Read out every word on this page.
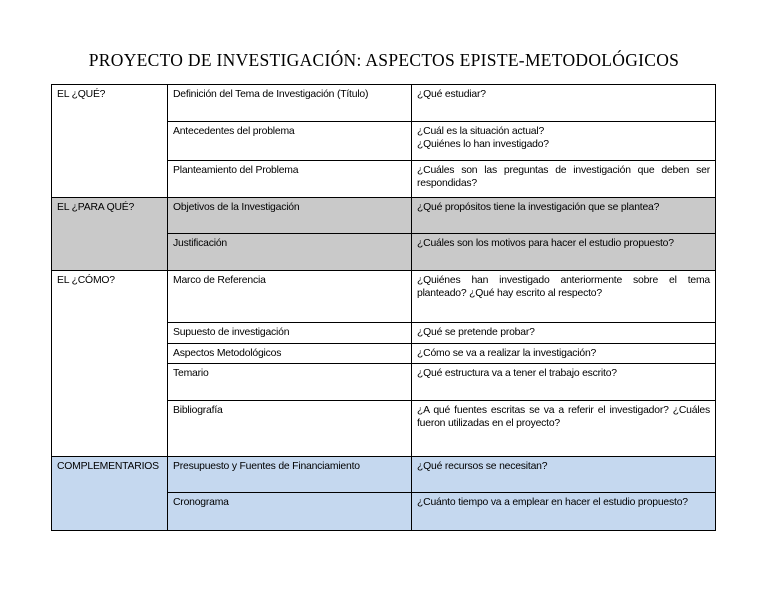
PROYECTO DE INVESTIGACIÓN: ASPECTOS EPISTE-METODOLÓGICOS
EL ¿QUÉ?	Definición del Tema de Investigación (Título)	¿Qué estudiar?
	Antecedentes del problema	¿Cuál es la situación actual?
¿Quiénes lo han investigado?
	Planteamiento del Problema	¿Cuáles son las preguntas de investigación que deben ser respondidas?
EL ¿PARA QUÉ?	Objetivos de la Investigación	¿Qué propósitos tiene la investigación que se plantea?
	Justificación	¿Cuáles son los motivos para hacer el estudio propuesto?
EL ¿CÓMO?	Marco de Referencia	¿Quiénes han investigado anteriormente sobre el tema planteado? ¿Qué hay escrito al respecto?
	Supuesto de investigación	¿Qué se pretende probar?
	Aspectos Metodológicos	¿Cómo se va a realizar la investigación?
	Temario	¿Qué estructura va a tener el trabajo escrito?
	Bibliografía	¿A qué fuentes escritas se va a referir el investigador? ¿Cuáles fueron utilizadas en el proyecto?
COMPLEMENTARIOS	Presupuesto y Fuentes de Financiamiento	¿Qué recursos se necesitan?
	Cronograma	¿Cuánto tiempo va a emplear en hacer el estudio propuesto?
